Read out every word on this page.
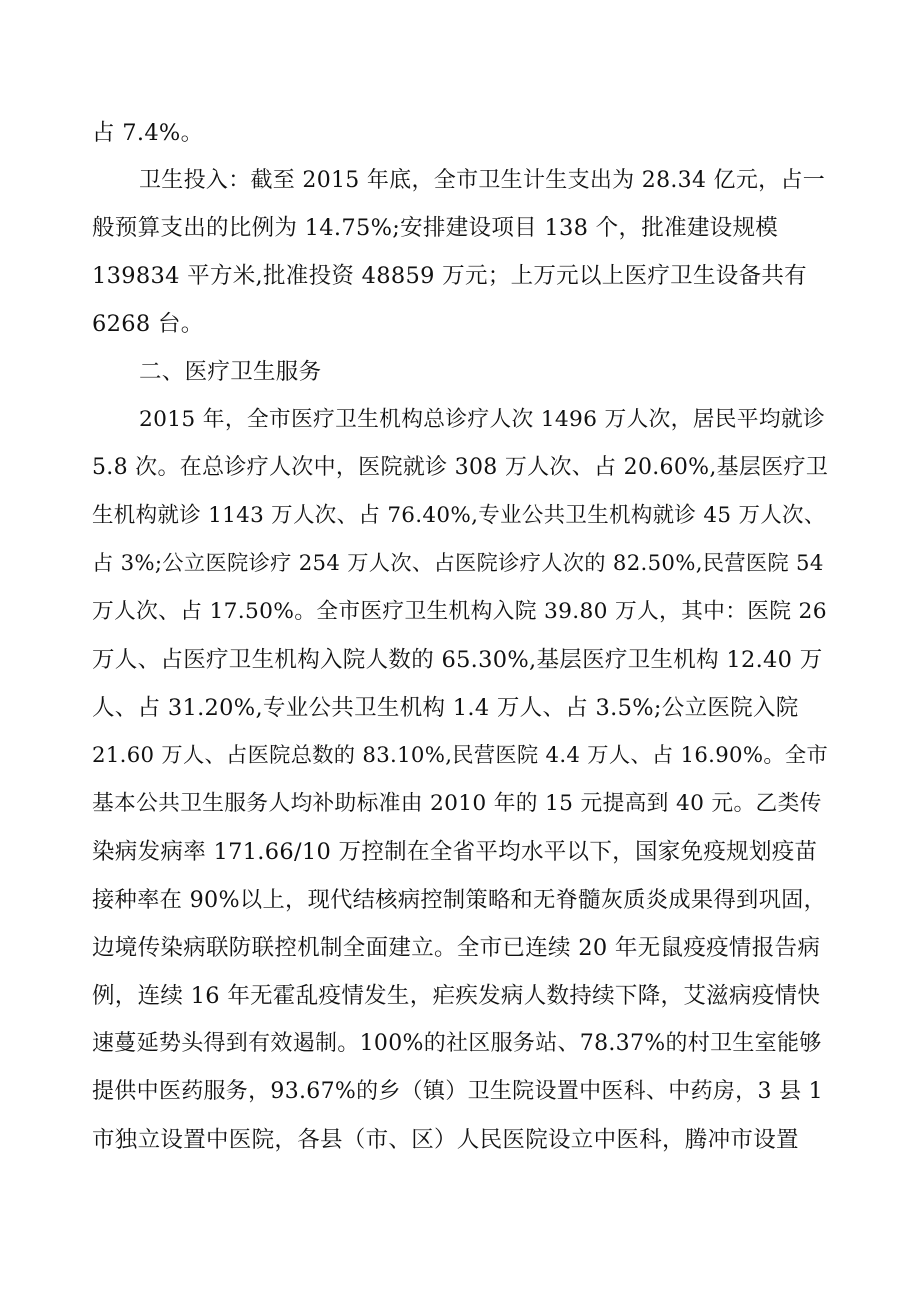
占 7.4%。
卫生投入：截至 2015 年底，全市卫生计生支出为 28.34 亿元，占一
般预算支出的比例为 14.75%;安排建设项目 138 个，批准建设规模
139834 平方米,批准投资 48859 万元；上万元以上医疗卫生设备共有
6268 台。
二、医疗卫生服务
2015 年，全市医疗卫生机构总诊疗人次 1496 万人次，居民平均就诊
5.8 次。在总诊疗人次中，医院就诊 308 万人次、占 20.60%,基层医疗卫
生机构就诊 1143 万人次、占 76.40%,专业公共卫生机构就诊 45 万人次、
占 3%;公立医院诊疗 254 万人次、占医院诊疗人次的 82.50%,民营医院 54
万人次、占 17.50%。全市医疗卫生机构入院 39.80 万人，其中：医院 26
万人、占医疗卫生机构入院人数的 65.30%,基层医疗卫生机构 12.40 万
人、占 31.20%,专业公共卫生机构 1.4 万人、占 3.5%;公立医院入院
21.60 万人、占医院总数的 83.10%,民营医院 4.4 万人、占 16.90%。全市
基本公共卫生服务人均补助标准由 2010 年的 15 元提高到 40 元。乙类传
染病发病率 171.66/10 万控制在全省平均水平以下，国家免疫规划疫苗
接种率在 90%以上，现代结核病控制策略和无脊髓灰质炎成果得到巩固，
边境传染病联防联控机制全面建立。全市已连续 20 年无鼠疫疫情报告病
例，连续 16 年无霍乱疫情发生，疟疾发病人数持续下降，艾滋病疫情快
速蔓延势头得到有效遏制。100%的社区服务站、78.37%的村卫生室能够
提供中医药服务，93.67%的乡（镇）卫生院设置中医科、中药房，3 县 1
市独立设置中医院，各县（市、区）人民医院设立中医科，腾冲市设置
